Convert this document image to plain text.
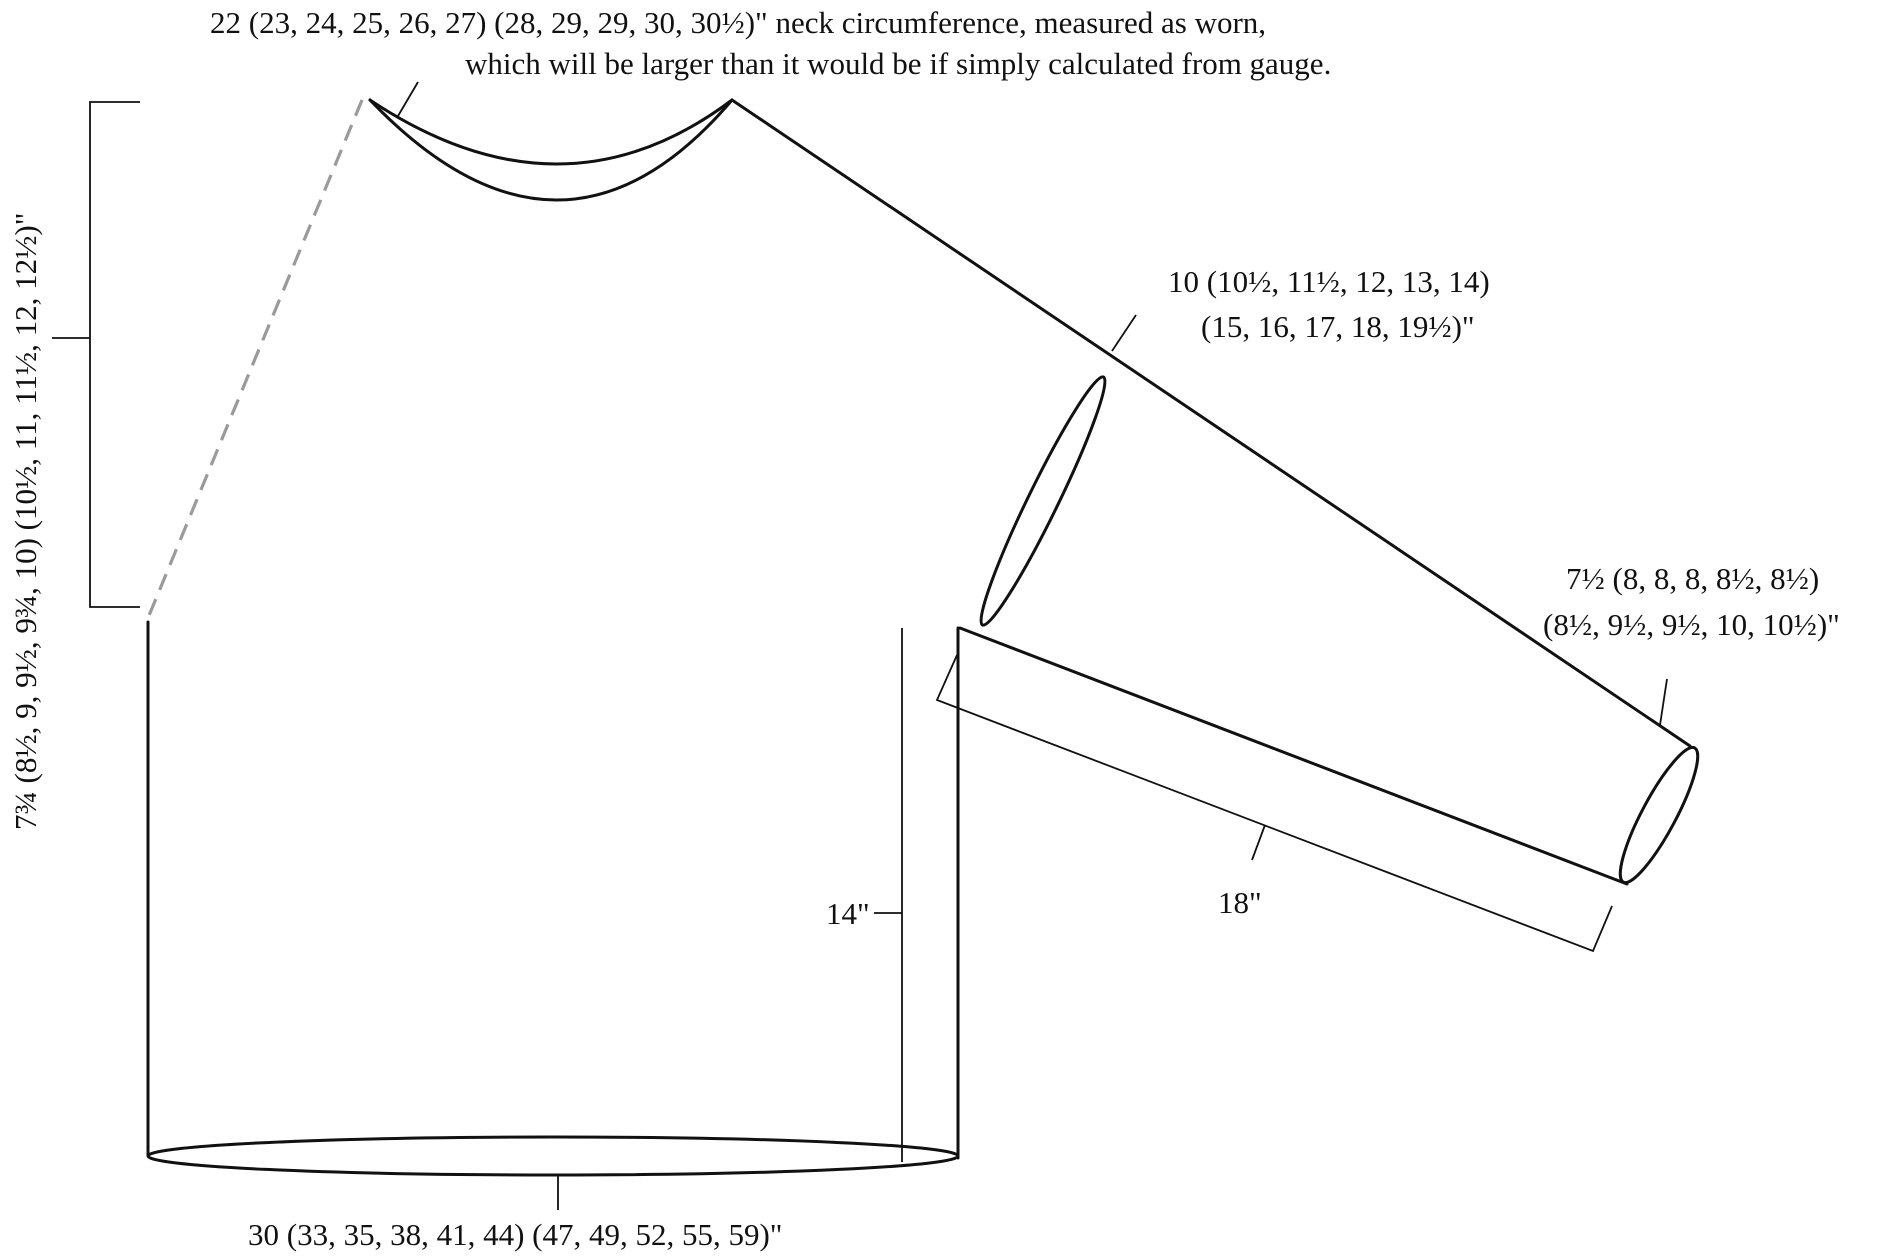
22 (23, 24, 25, 26, 27) (28, 29, 29, 30, 30½)" neck circumference, measured as worn,
which will be larger than it would be if simply calculated from gauge.
7¾ (8½, 9, 9½, 9¾, 10) (10½, 11, 11½, 12, 12½)"	10 (10½, 11½, 12, 13, 14)
(15, 16, 17, 18, 19½)"
7½ (8, 8, 8, 8½, 8½)
(8½, 9½, 9½, 10, 10½)"
18"
14"
30 (33, 35, 38, 41, 44) (47, 49, 52, 55, 59)"
